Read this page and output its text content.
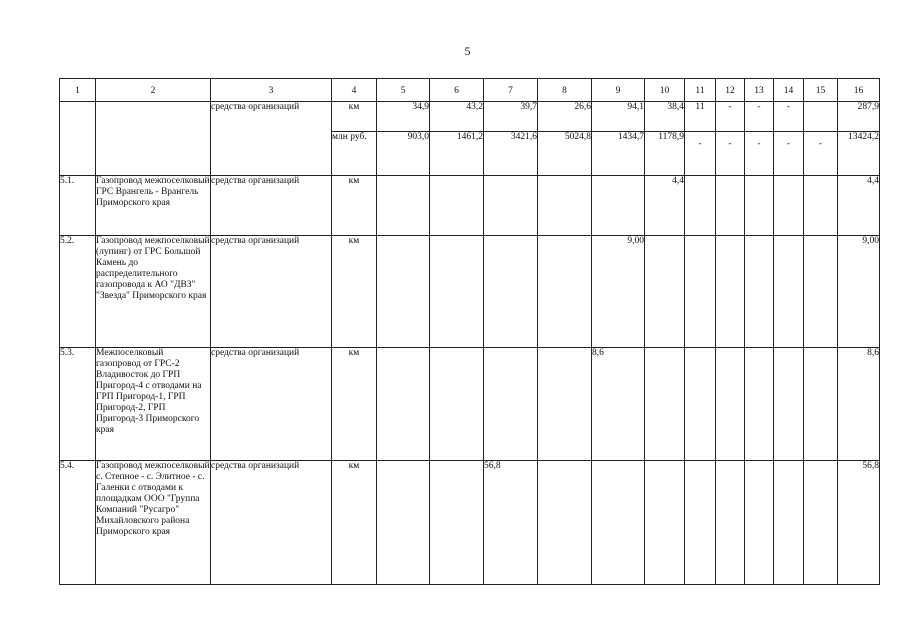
5
1	2	3	4	5	6	7	8	9	10	11	12	13	14	15	16
		средства организаций	км	34,9	43,2	39,7	26,6	94,1	38,4	11	-	-	-		287,9
			млн руб.	903,0	1461,2	3421,6	5024,8	1434,7	1178,9	-	-	-	-	-	13424,2
5.1.	Газопровод межпоселковый ГРС Врангель - Врангель Приморского края	средства организаций	км						4,4						4,4
5.2.	Газопровод межпоселковый (лупинг) от ГРС Большой Камень до распределительного газопровода к АО "ДВЗ" "Звезда" Приморского края	средства организаций	км					9,00							9,00
5.3.	Межпоселковый газопровод от ГРС-2 Владивосток до ГРП Пригород-4 с отводами на ГРП Пригород-1, ГРП Пригород-2, ГРП Пригород-3 Приморского края	средства организаций	км					8,6							8,6
5.4.	Газопровод межпоселковый с. Степное - с. Элитное - с. Галенки с отводами к площадкам ООО "Группа Компаний "Русагро" Михайловского района Приморского края	средства организаций	км			56,8									56,8
